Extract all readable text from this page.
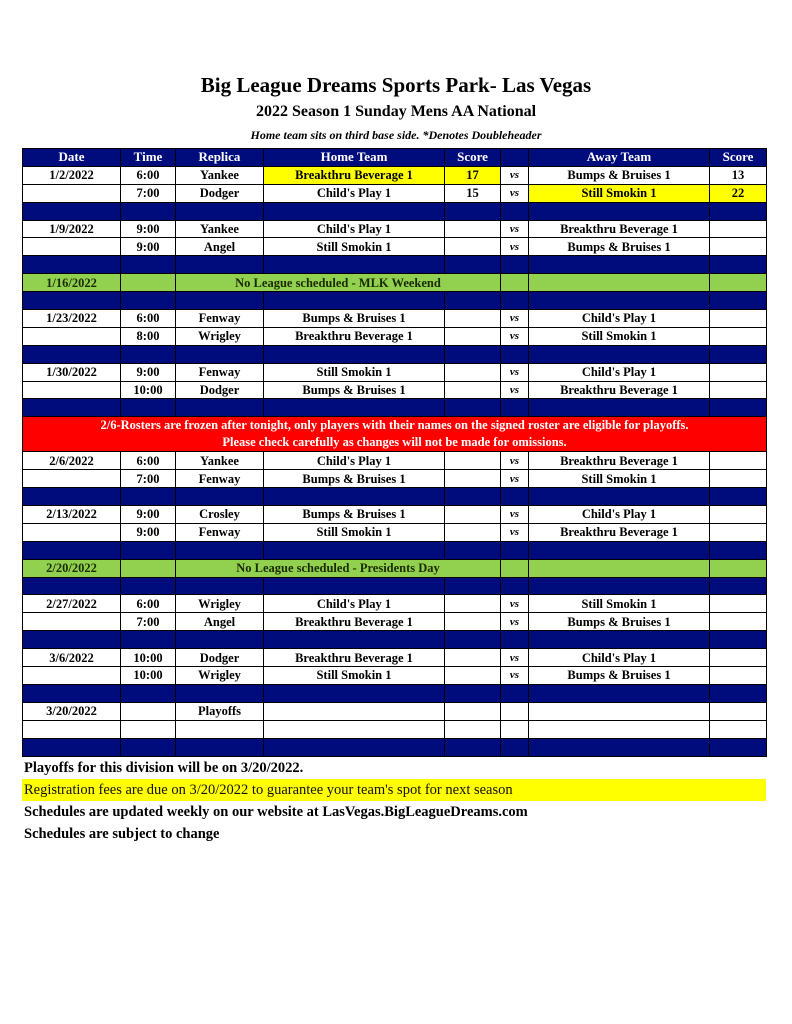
Big League Dreams Sports Park- Las Vegas
2022 Season 1 Sunday Mens AA National
Home team sits on third base side. *Denotes Doubleheader
Date	Time	Replica	Home Team	Score		Away Team	Score
1/2/2022	6:00	Yankee	Breakthru Beverage 1	17	vs	Bumps & Bruises 1	13
	7:00	Dodger	Child's Play 1	15	vs	Still Smokin 1	22

1/9/2022	9:00	Yankee	Child's Play 1		vs	Breakthru Beverage 1	
	9:00	Angel	Still Smokin 1		vs	Bumps & Bruises 1	

1/16/2022		No League scheduled - MLK Weekend					

1/23/2022	6:00	Fenway	Bumps & Bruises 1		vs	Child's Play 1	
	8:00	Wrigley	Breakthru Beverage 1		vs	Still Smokin 1	

1/30/2022	9:00	Fenway	Still Smokin 1		vs	Child's Play 1	
	10:00	Dodger	Bumps & Bruises 1		vs	Breakthru Beverage 1	

2/6-Rosters are frozen after tonight, only players with their names on the signed roster are eligible for playoffs.
Please check carefully as changes will not be made for omissions.							

2/6/2022	6:00	Yankee	Child's Play 1		vs	Breakthru Beverage 1	
	7:00	Fenway	Bumps & Bruises 1		vs	Still Smokin 1	

2/13/2022	9:00	Crosley	Bumps & Bruises 1		vs	Child's Play 1	
	9:00	Fenway	Still Smokin 1		vs	Breakthru Beverage 1	

2/20/2022		No League scheduled - Presidents Day					

2/27/2022	6:00	Wrigley	Child's Play 1		vs	Still Smokin 1	
	7:00	Angel	Breakthru Beverage 1		vs	Bumps & Bruises 1	

3/6/2022	10:00	Dodger	Breakthru Beverage 1		vs	Child's Play 1	
	10:00	Wrigley	Still Smokin 1		vs	Bumps & Bruises 1	

3/20/2022		Playoffs					

Playoffs for this division will be on 3/20/2022.
Registration fees are due on 3/20/2022 to guarantee your team's spot for next season
Schedules are updated weekly on our website at LasVegas.BigLeagueDreams.com
Schedules are subject to change
